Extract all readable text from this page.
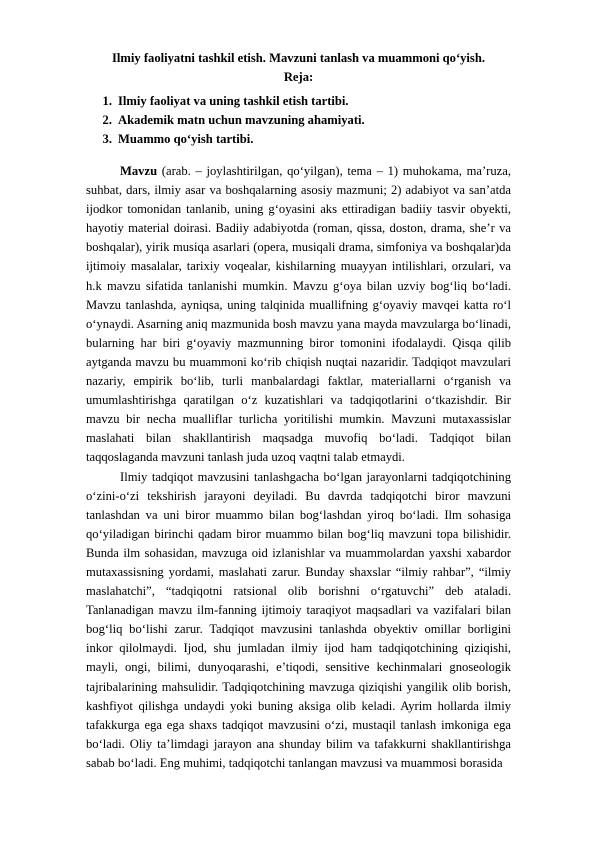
Ilmiy faoliyatni tashkil etish. Mavzuni tanlash va muammoni qo‘yish.
Reja:
1. Ilmiy faoliyat va uning tashkil etish tartibi.
2. Akademik matn uchun mavzuning ahamiyati.
3. Muammo qo‘yish tartibi.

Mavzu (arab. – joylashtirilgan, qo‘yilgan), tema – 1) muhokama, ma’ruza, suhbat, dars, ilmiy asar va boshqalarning asosiy mazmuni; 2) adabiyot va san’atda ijodkor tomonidan tanlanib, uning g‘oyasini aks ettiradigan badiiy tasvir obyekti, hayotiy material doirasi. Badiiy adabiyotda (roman, qissa, doston, drama, she’r va boshqalar), yirik musiqa asarlari (opera, musiqali drama, simfoniya va boshqalar)da ijtimoiy masalalar, tarixiy voqealar, kishilarning muayyan intilishlari, orzulari, va h.k mavzu sifatida tanlanishi mumkin. Mavzu g‘oya bilan uzviy bog‘liq bo‘ladi. Mavzu tanlashda, ayniqsa, uning talqinida muallifning g‘oyaviy mavqei katta ro‘l o‘ynaydi. Asarning aniq mazmunida bosh mavzu yana mayda mavzularga bo‘linadi, bularning har biri g‘oyaviy mazmunning biror tomonini ifodalaydi. Qisqa qilib aytganda mavzu bu muammoni ko‘rib chiqish nuqtai nazaridir. Tadqiqot mavzulari nazariy, empirik bo‘lib, turli manbalardagi faktlar, materiallarni o‘rganish va umumlashtirishga qaratilgan o‘z kuzatishlari va tadqiqotlarini o‘tkazishdir. Bir mavzu bir necha mualliflar turlicha yoritilishi mumkin. Mavzuni mutaxassislar maslahati bilan shakllantirish maqsadga muvofiq bo‘ladi. Tadqiqot bilan taqqoslaganda mavzuni tanlash juda uzoq vaqtni talab etmaydi.

Ilmiy tadqiqot mavzusini tanlashgacha bo‘lgan jarayonlarni tadqiqotchining o‘zini-o‘zi tekshirish jarayoni deyiladi. Bu davrda tadqiqotchi biror mavzuni tanlashdan va uni biror muammo bilan bog‘lashdan yiroq bo‘ladi. Ilm sohasiga qo‘yiladigan birinchi qadam biror muammo bilan bog‘liq mavzuni topa bilishidir. Bunda ilm sohasidan, mavzuga oid izlanishlar va muammolardan yaxshi xabardor mutaxassisning yordami, maslahati zarur. Bunday shaxslar “ilmiy rahbar”, “ilmiy maslahatchi”, “tadqiqotni ratsional olib borishni o‘rgatuvchi” deb ataladi. Tanlanadigan mavzu ilm-fanning ijtimoiy taraqiyot maqsadlari va vazifalari bilan bog‘liq bo‘lishi zarur. Tadqiqot mavzusini tanlashda obyektiv omillar borligini inkor qilolmaydi. Ijod, shu jumladan ilmiy ijod ham tadqiqotchining qiziqishi, mayli, ongi, bilimi, dunyoqarashi, e’tiqodi, sensitive kechinmalari gnoseologik tajribalarining mahsulidir. Tadqiqotchining mavzuga qiziqishi yangilik olib borish, kashfiyot qilishga undaydi yoki buning aksiga olib keladi. Ayrim hollarda ilmiy tafakkurga ega ega shaxs tadqiqot mavzusini o‘zi, mustaqil tanlash imkoniga ega bo‘ladi. Oliy ta’limdagi jarayon ana shunday bilim va tafakkurni shakllantirishga sabab bo‘ladi. Eng muhimi, tadqiqotchi tanlangan mavzusi va muammosi borasida
